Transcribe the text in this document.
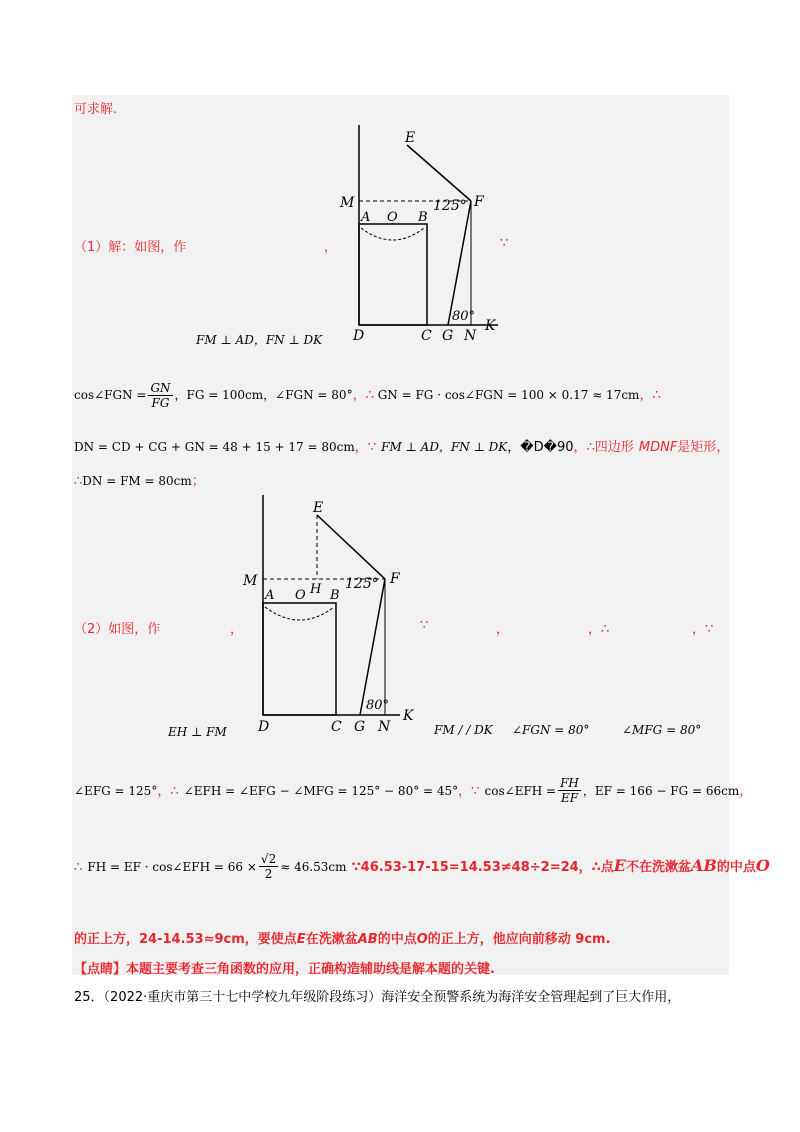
可求解.
E
F
M
A O B
D	C G N
K
125°
80°
（1）解：如图，作	，	∵
FM ⊥ AD，FN ⊥ DK
cos∠FGN = $\frac{GN}{FG}$ ，FG = 100cm，∠FGN = 80°，∴ GN = FG · cos∠FGN = 100 × 0.17 ≈ 17cm，∴
DN = CD + CG + GN = 48 + 15 + 17 = 80cm，∵ FM ⊥ AD，FN ⊥ DK，�D�90，∴四边形 MDNF是矩形，
∴DN = FM = 80cm；
E
F
M
H
A O B
D	C G N
K
125°
80°
（2）如图，作	，	∵	，	，∴	，∵
EH ⊥ FM	FM / / DK ∠FGN = 80°	∠MFG = 80°
∠EFG = 125°，∴ ∠EFH = ∠EFG − ∠MFG = 125° − 80° = 45°，∵ cos∠EFH = $\frac{FH}{EF}$ ，EF = 166 − FG = 66cm，
∴ FH = EF · cos∠EFH = $66 \times \frac{√2}{2} \approx 46.53cm$ ∵46.53-17-15=14.53≠48÷2=24，∴点E不在洗漱盆AB的中点O
的正上方，24-14.53≈9cm，要使点E在洗漱盆AB的中点O的正上方，他应向前移动 9cm.
【点睛】本题主要考查三角函数的应用，正确构造辅助线是解本题的关键.
25．（2022·重庆市第三十七中学校九年级阶段练习）海洋安全预警系统为海洋安全管理起到了巨大作用，
